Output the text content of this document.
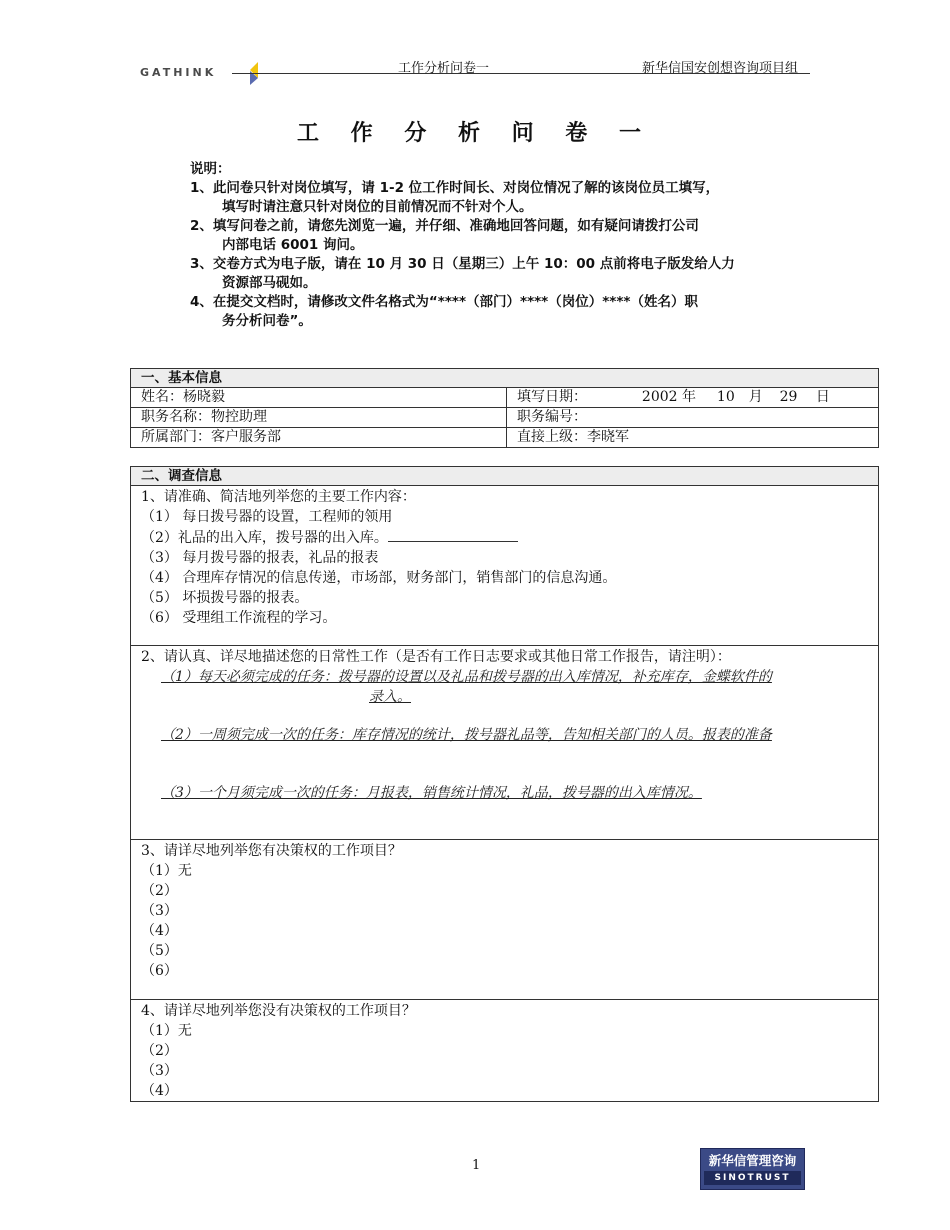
GATHINK	工作分析问卷一	新华信国安创想咨询项目组
工 作 分 析 问 卷 一
说明：
1、此问卷只针对岗位填写，请 1-2 位工作时间长、对岗位情况了解的该岗位员工填写，
填写时请注意只针对岗位的目前情况而不针对个人。
2、填写问卷之前，请您先浏览一遍，并仔细、准确地回答问题，如有疑问请拨打公司
内部电话 6001 询问。
3、交卷方式为电子版，请在 10 月 30 日（星期三）上午 10：00 点前将电子版发给人力
资源部马砚如。
4、在提交文档时，请修改文件名格式为“****（部门）****（岗位）****（姓名）职
务分析问卷”。
一、基本信息	
姓名：杨晓毅	填写日期： 2002 年 10　月 29　 日
职务名称：物控助理	职务编号：
所属部门：客户服务部	直接上级：李晓军
二、调查信息

1、请准确、简洁地列举您的主要工作内容：
（1） 每日拨号器的设置，工程师的领用
（2）礼品的出入库，拨号器的出入库。
（3） 每月拨号器的报表，礼品的报表
（4） 合理库存情况的信息传递，市场部，财务部门，销售部门的信息沟通。
（5） 坏损拨号器的报表。
（6） 受理组工作流程的学习。

2、请认真、详尽地描述您的日常性工作（是否有工作日志要求或其他日常工作报告，请注明）：
（1）每天必须完成的任务：拨号器的设置以及礼品和拨号器的出入库情况，补充库存，金蝶软件的
录入。
（2）一周须完成一次的任务：库存情况的统计，拨号器礼品等，告知相关部门的人员。报表的准备
（3）一个月须完成一次的任务：月报表，销售统计情况，礼品，拨号器的出入库情况。

3、请详尽地列举您有决策权的工作项目？
（1）无
（2）
（3）
（4）
（5）
（6）

4、请详尽地列举您没有决策权的工作项目？
（1）无
（2）
（3）
（4）
1	新华信管理咨询
SINOTRUST
